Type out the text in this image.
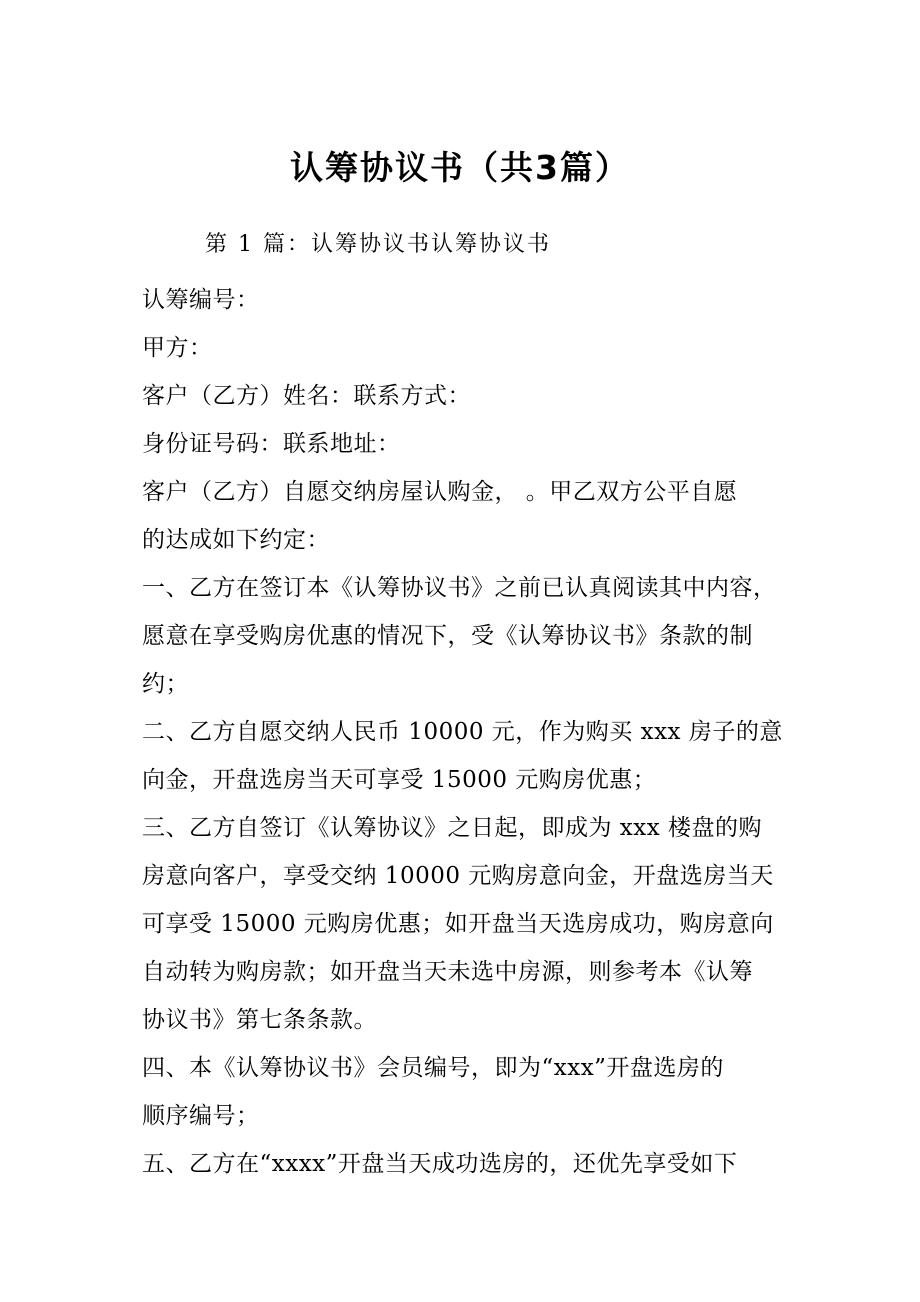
认筹协议书（共3篇）

第 1 篇：认筹协议书认筹协议书

认筹编号：

甲方：

客户（乙方）姓名：联系方式：

身份证号码：联系地址：

客户（乙方）自愿交纳房屋认购金， 。甲乙双方公平自愿

的达成如下约定：

一、乙方在签订本《认筹协议书》之前已认真阅读其中内容，

愿意在享受购房优惠的情况下，受《认筹协议书》条款的制

约；

二、乙方自愿交纳人民币 10000 元，作为购买 xxx 房子的意

向金，开盘选房当天可享受 15000 元购房优惠；

三、乙方自签订《认筹协议》之日起，即成为 xxx 楼盘的购

房意向客户，享受交纳 10000 元购房意向金，开盘选房当天

可享受 15000 元购房优惠；如开盘当天选房成功，购房意向

自动转为购房款；如开盘当天未选中房源，则参考本《认筹

协议书》第七条条款。

四、本《认筹协议书》会员编号，即为“xxx”开盘选房的

顺序编号；

五、乙方在“xxxx”开盘当天成功选房的，还优先享受如下
